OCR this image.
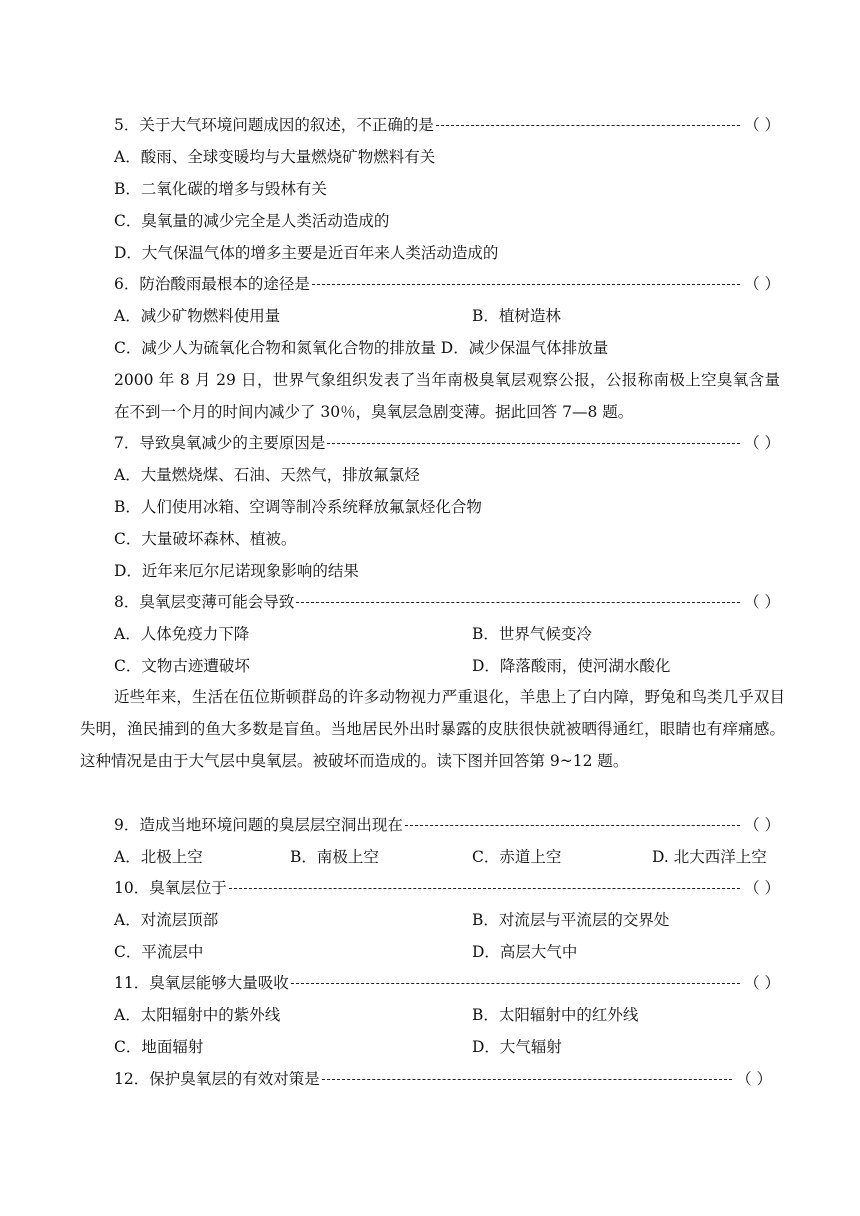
5．关于大气环境问题成因的叙述，不正确的是	（ ）
A．酸雨、全球变暖均与大量燃烧矿物燃料有关
B．二氧化碳的增多与毁林有关
C．臭氧量的减少完全是人类活动造成的
D．大气保温气体的增多主要是近百年来人类活动造成的
6．防治酸雨最根本的途径是	（ ）
A．减少矿物燃料使用量	B．植树造林
C．减少人为硫氧化合物和氮氧化合物的排放量 D．减少保温气体排放量
2000 年 8 月 29 日，世界气象组织发表了当年南极臭氧层观察公报，公报称南极上空臭氧含量在不到一个月的时间内减少了 30％，臭氧层急剧变薄。据此回答 7—8 题。
7．导致臭氧减少的主要原因是	（ ）
A．大量燃烧煤、石油、天然气，排放氟氯烃
B．人们使用冰箱、空调等制冷系统释放氟氯烃化合物
C．大量破坏森林、植被。
D．近年来厄尔尼诺现象影响的结果
8．臭氧层变薄可能会导致	（ ）
A．人体免疫力下降	B．世界气候变冷
C．文物古迹遭破坏	D．降落酸雨，使河湖水酸化
近些年来，生活在伍位斯顿群岛的许多动物视力严重退化，羊患上了白内障，野兔和鸟类几乎双目失明，渔民捕到的鱼大多数是盲鱼。当地居民外出时暴露的皮肤很快就被晒得通红，眼睛也有痒痛感。这种情况是由于大气层中臭氧层。被破坏而造成的。读下图并回答第 9~12 题。
9．造成当地环境问题的臭层层空洞出现在	（ ）
A．北极上空	B．南极上空	C．赤道上空	D. 北大西洋上空
10．臭氧层位于	（ ）
A．对流层顶部	B．对流层与平流层的交界处
C．平流层中	D．高层大气中
11．臭氧层能够大量吸收	（ ）
A．太阳辐射中的紫外线	B．太阳辐射中的红外线
C．地面辐射	D．大气辐射
12．保护臭氧层的有效对策是	（ ）
